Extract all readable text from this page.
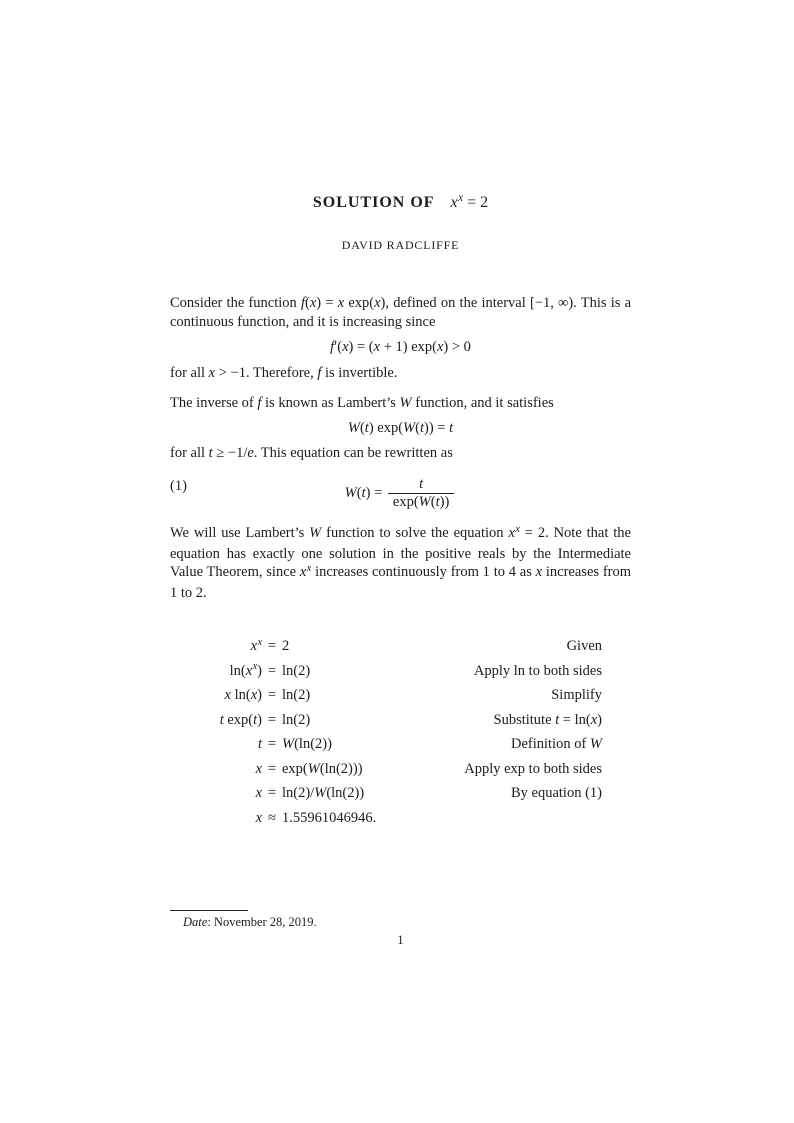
SOLUTION OF  $x^x = 2$
DAVID RADCLIFFE

Consider the function f(x) = x exp(x), defined on the interval [−1, ∞). This is a continuous function, and it is increasing since

f′(x) = (x + 1) exp(x) > 0

for all x > −1. Therefore, f is invertible.

The inverse of f is known as Lambert’s W function, and it satisfies

W(t) exp(W(t)) = t

for all t ≥ −1/e. This equation can be rewritten as

(1)	$W(t) = \frac{t}{\exp(W(t))}$

We will use Lambert’s W function to solve the equation $x^x = 2$. Note that the equation has exactly one solution in the positive reals by the Intermediate Value Theorem, since $x^x$ increases continuously from 1 to 4 as x increases from 1 to 2.

$x^x = 2$	Given
$\ln(x^x) = \ln(2)$	Apply ln to both sides
x ln(x) = ln(2)	Simplify
t exp(t) = ln(2)	Substitute t = ln(x)
t = W(ln(2))	Definition of W
x = exp(W(ln(2)))	Apply exp to both sides
x = ln(2)/W(ln(2))	By equation (1)
x ≈ 1.55961046946.
Date: November 28, 2019.
1
